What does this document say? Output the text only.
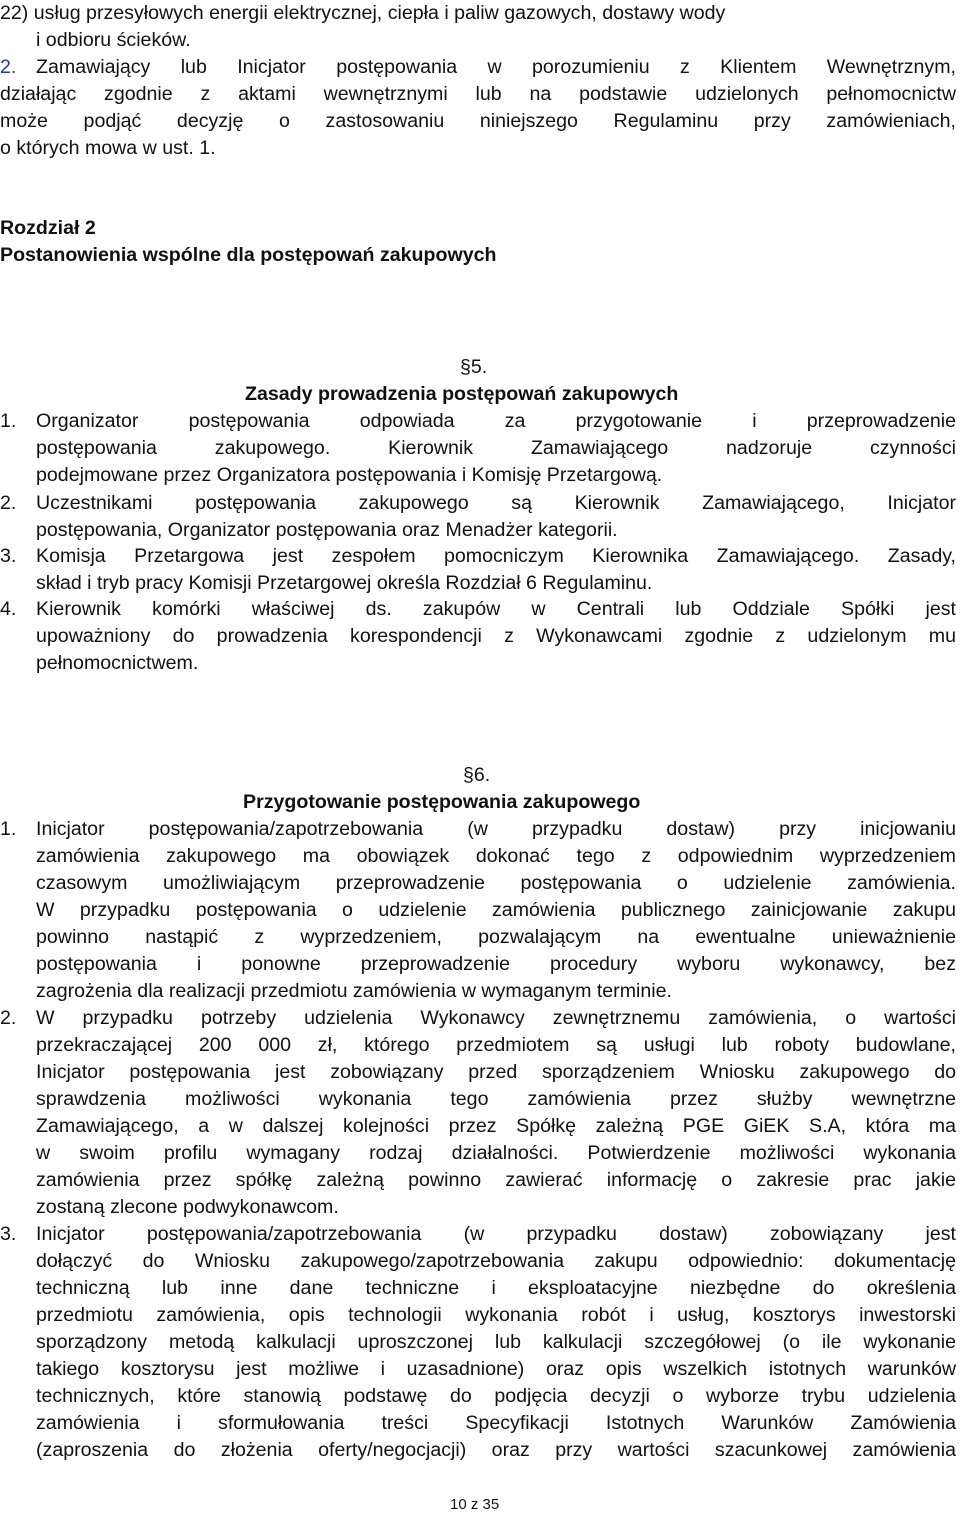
22) usług przesyłowych energii elektrycznej, ciepła i paliw gazowych, dostawy wody
i odbioru ścieków.
2. Zamawiający lub Inicjator postępowania w porozumieniu z Klientem Wewnętrznym,
działając zgodnie z aktami wewnętrznymi lub na podstawie udzielonych pełnomocnictw
może podjąć decyzję o zastosowaniu niniejszego Regulaminu przy zamówieniach,
o których mowa w ust. 1.
Rozdział 2
Postanowienia wspólne dla postępowań zakupowych
§5.
Zasady prowadzenia postępowań zakupowych
1. Organizator postępowania odpowiada za przygotowanie i przeprowadzenie
postępowania zakupowego. Kierownik Zamawiającego nadzoruje czynności
podejmowane przez Organizatora postępowania i Komisję Przetargową.
2. Uczestnikami postępowania zakupowego są Kierownik Zamawiającego, Inicjator
postępowania, Organizator postępowania oraz Menadżer kategorii.
3. Komisja Przetargowa jest zespołem pomocniczym Kierownika Zamawiającego. Zasady,
skład i tryb pracy Komisji Przetargowej określa Rozdział 6 Regulaminu.
4. Kierownik komórki właściwej ds. zakupów w Centrali lub Oddziale Spółki jest
upoważniony do prowadzenia korespondencji z Wykonawcami zgodnie z udzielonym mu
pełnomocnictwem.
§6.
Przygotowanie postępowania zakupowego
1. Inicjator postępowania/zapotrzebowania (w przypadku dostaw) przy inicjowaniu
zamówienia zakupowego ma obowiązek dokonać tego z odpowiednim wyprzedzeniem
czasowym umożliwiającym przeprowadzenie postępowania o udzielenie zamówienia.
W przypadku postępowania o udzielenie zamówienia publicznego zainicjowanie zakupu
powinno nastąpić z wyprzedzeniem, pozwalającym na ewentualne unieważnienie
postępowania i ponowne przeprowadzenie procedury wyboru wykonawcy, bez
zagrożenia dla realizacji przedmiotu zamówienia w wymaganym terminie.
2. W przypadku potrzeby udzielenia Wykonawcy zewnętrznemu zamówienia, o wartości
przekraczającej 200 000 zł, którego przedmiotem są usługi lub roboty budowlane,
Inicjator postępowania jest zobowiązany przed sporządzeniem Wniosku zakupowego do
sprawdzenia możliwości wykonania tego zamówienia przez służby wewnętrzne
Zamawiającego, a w dalszej kolejności przez Spółkę zależną PGE GiEK S.A, która ma
w swoim profilu wymagany rodzaj działalności. Potwierdzenie możliwości wykonania
zamówienia przez spółkę zależną powinno zawierać informację o zakresie prac jakie
zostaną zlecone podwykonawcom.
3. Inicjator postępowania/zapotrzebowania (w przypadku dostaw) zobowiązany jest
dołączyć do Wniosku zakupowego/zapotrzebowania zakupu odpowiednio: dokumentację
techniczną lub inne dane techniczne i eksploatacyjne niezbędne do określenia
przedmiotu zamówienia, opis technologii wykonania robót i usług, kosztorys inwestorski
sporządzony metodą kalkulacji uproszczonej lub kalkulacji szczegółowej (o ile wykonanie
takiego kosztorysu jest możliwe i uzasadnione) oraz opis wszelkich istotnych warunków
technicznych, które stanowią podstawę do podjęcia decyzji o wyborze trybu udzielenia
zamówienia i sformułowania treści Specyfikacji Istotnych Warunków Zamówienia
(zaproszenia do złożenia oferty/negocjacji) oraz przy wartości szacunkowej zamówienia
10 z 35
